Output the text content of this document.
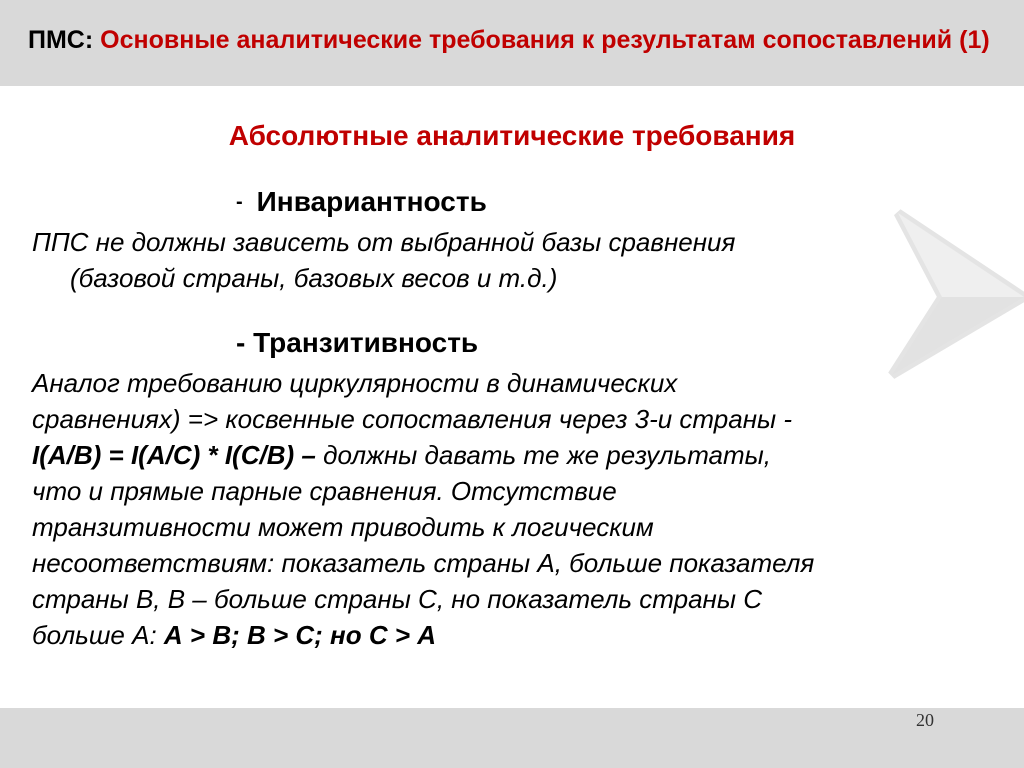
ПМС: Основные аналитические требования к результатам сопоставлений (1)
Абсолютные аналитические требования
- Инвариантность
ППС не должны зависеть от выбранной базы сравнения
(базовой страны, базовых весов и т.д.)
- Транзитивность
Аналог требованию циркулярности в динамических
сравнениях) => косвенные сопоставления через 3-и страны -
I(A/B) = I(A/C) * I(C/B) – должны давать те же результаты,
что и прямые парные сравнения. Отсутствие
транзитивности может приводить к логическим
несоответствиям: показатель страны А, больше показателя
страны В, В – больше страны С, но показатель страны С
больше А: А > В; В > С; но С > А
20
